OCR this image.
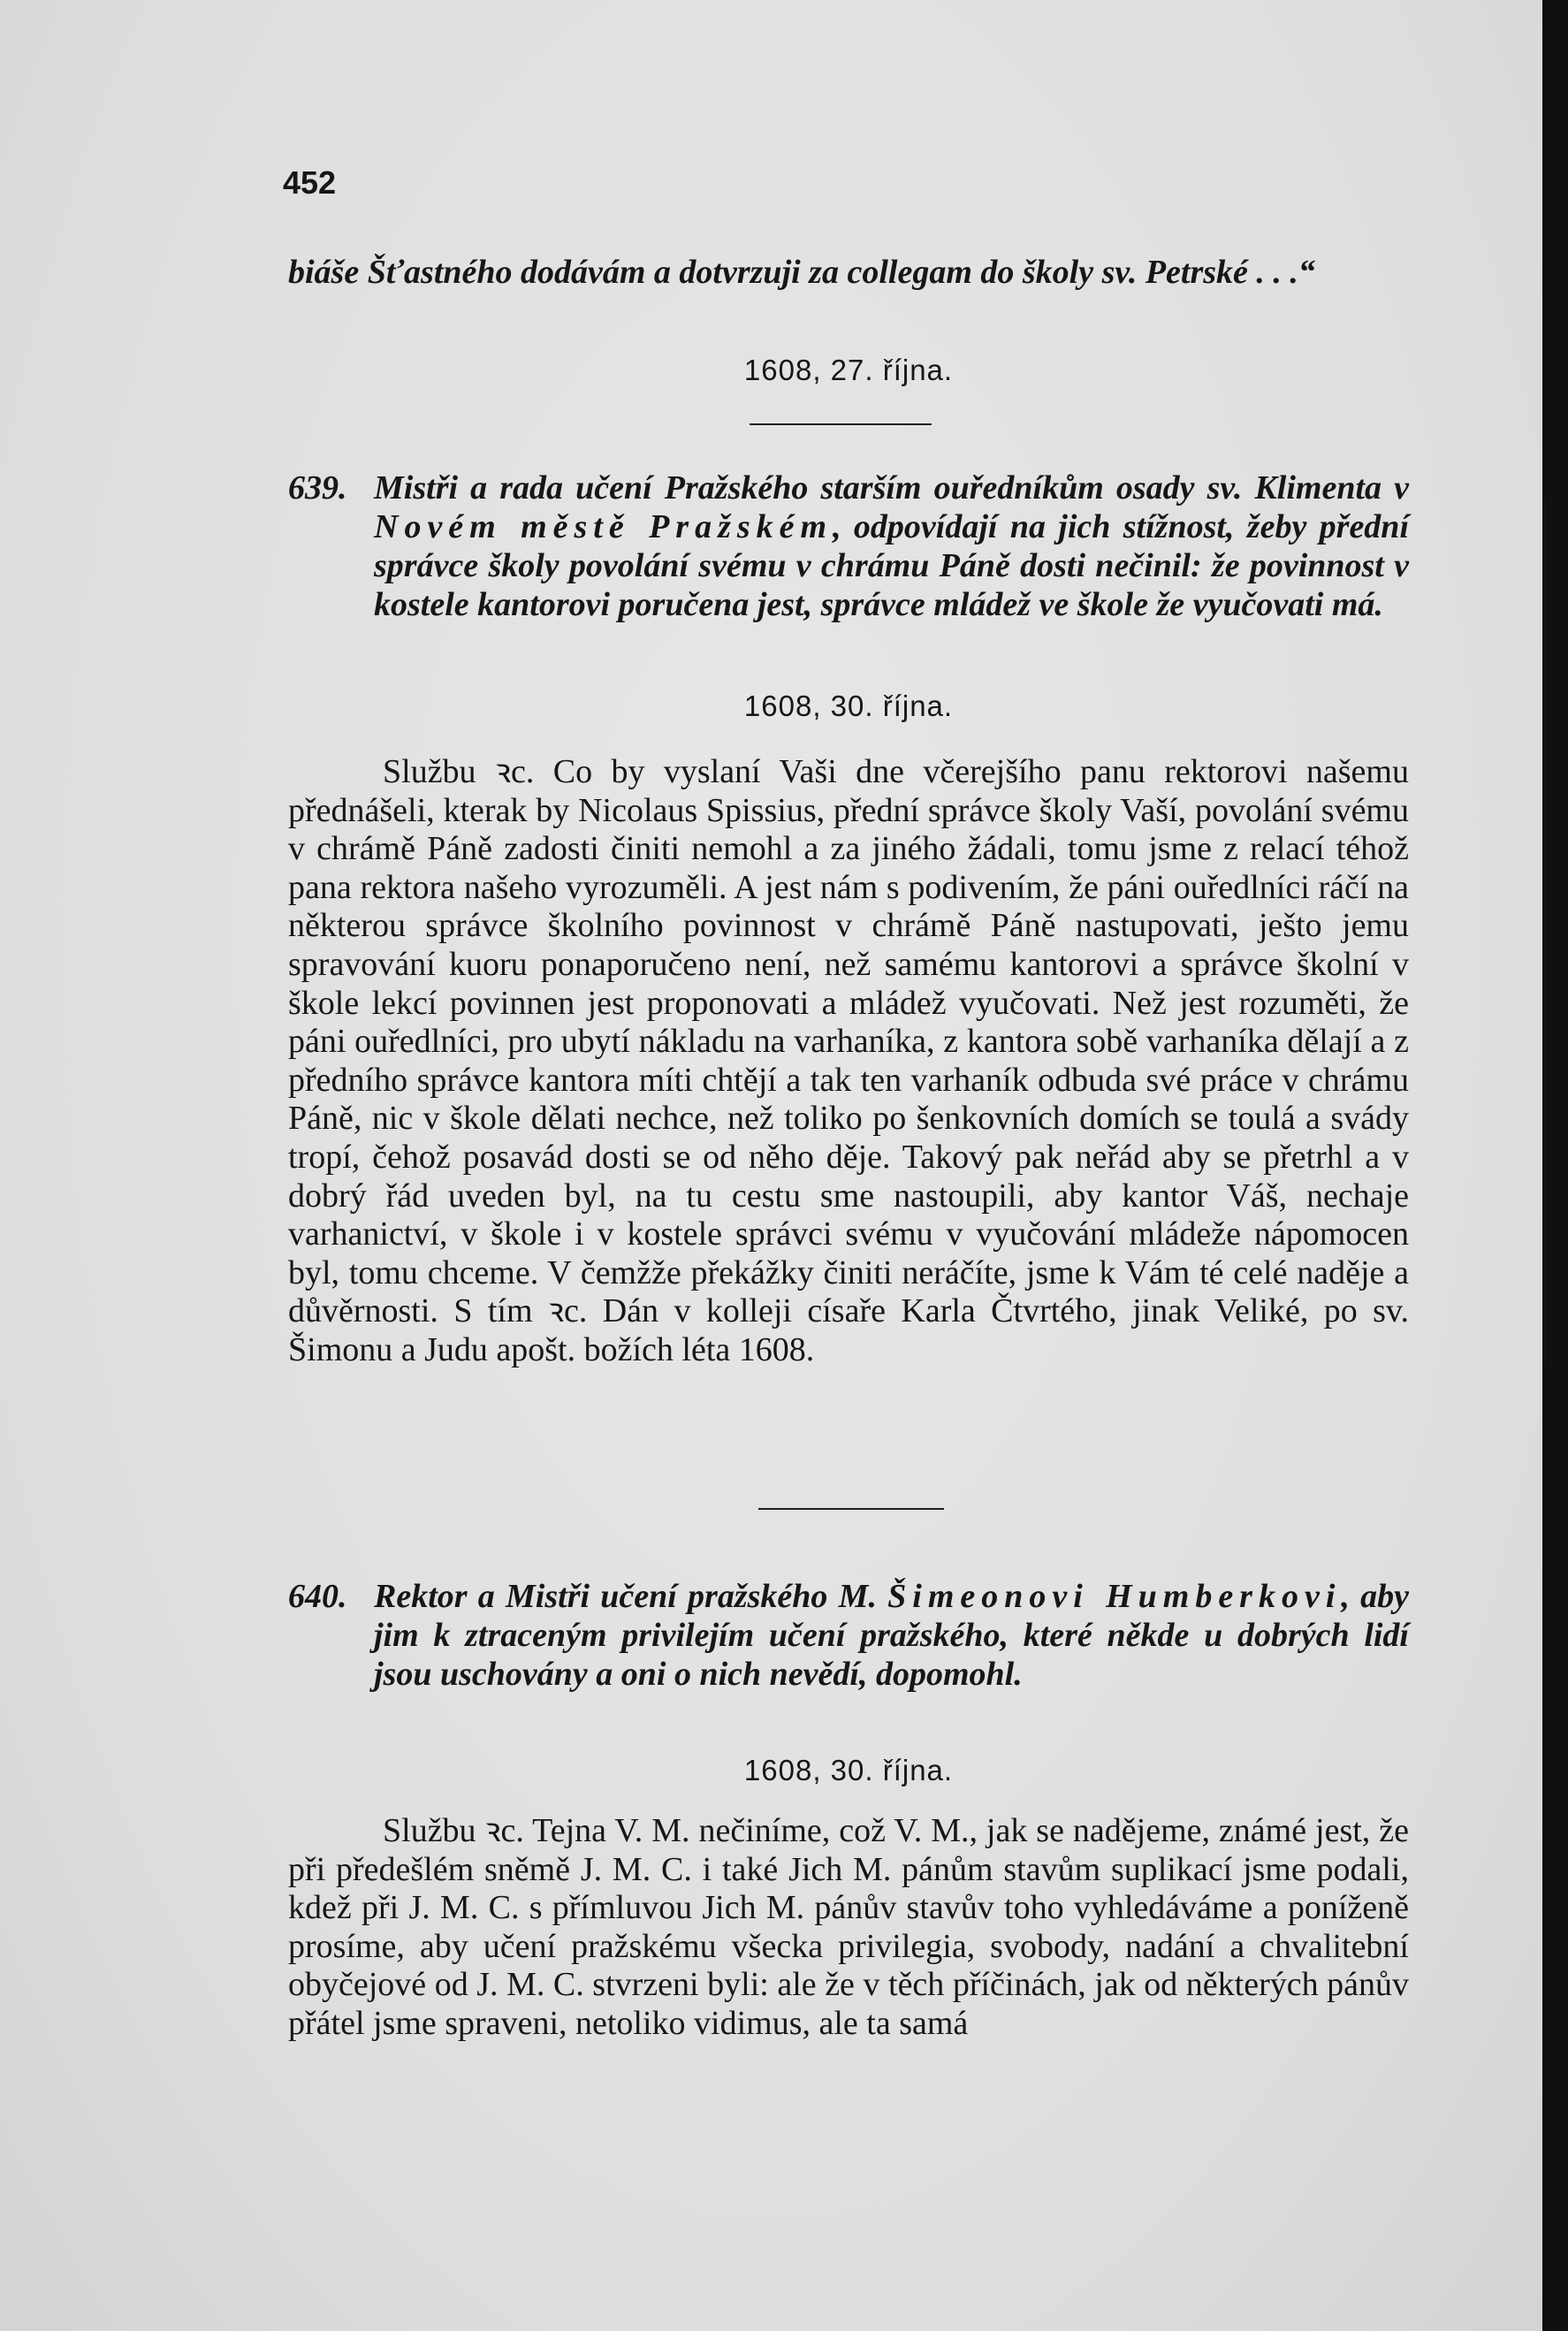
452

biáše Šťastného dodávám a dotvrzuji za collegam do školy sv. Petrské . . .“

1608, 27. října.

639. Mistři a rada učení Pražského starším ouředníkům osady sv. Klimenta v Novém městě Pražském, odpovídají na jich stížnost, žeby přední správce školy povolání svému v chrámu Páně dosti nečinil: že povinnost v kostele kantorovi poručena jest, správce mládež ve škole že vyučovati má.

1608, 30. října.

Službu ꝛc. Co by vyslaní Vaši dne včerejšího panu rektorovi našemu přednášeli, kterak by Nicolaus Spissius, přední správce školy Vaší, povolání svému v chrámě Páně zadosti činiti nemohl a za jiného žádali, tomu jsme z relací téhož pana rektora našeho vyrozuměli. A jest nám s podivením, že páni ouředlníci ráčí na některou správce školního povinnost v chrámě Páně nastupovati, ješto jemu spravování kuoru ponaporučeno není, než samému kantorovi a správce školní v škole lekcí povinnen jest proponovati a mládež vyučovati. Než jest rozuměti, že páni ouředlníci, pro ubytí nákladu na varhaníka, z kantora sobě varhaníka dělají a z předního správce kantora míti chtějí a tak ten varhaník odbuda své práce v chrámu Páně, nic v škole dělati nechce, než toliko po šenkovních domích se toulá a svády tropí, čehož posavád dosti se od něho děje. Takový pak neřád aby se přetrhl a v dobrý řád uveden byl, na tu cestu sme nastoupili, aby kantor Váš, nechaje varhanictví, v škole i v kostele správci svému v vyučování mládeže nápomocen byl, tomu chceme. V čemžže překážky činiti neráčíte, jsme k Vám té celé naděje a důvěrnosti. S tím ꝛc. Dán v kolleji císaře Karla Čtvrtého, jinak Veliké, po sv. Šimonu a Judu apošt. božích léta 1608.

640. Rektor a Mistři učení pražského M. Šimeonovi Humberkovi, aby jim k ztraceným privilejím učení pražského, které někde u dobrých lidí jsou uschovány a oni o nich nevědí, dopomohl.

1608, 30. října.

Službu ꝛc. Tejna V. M. nečiníme, což V. M., jak se nadějeme, známé jest, že při předešlém sněmě J. M. C. i také Jich M. pánům stavům suplikací jsme podali, kdež při J. M. C. s přímluvou Jich M. pánův stavův toho vyhledáváme a poníženě prosíme, aby učení pražskému všecka privilegia, svobody, nadání a chvalitební obyčejové od J. M. C. stvrzeni byli: ale že v těch příčinách, jak od některých pánův přátel jsme spraveni, netoliko vidimus, ale ta samá
